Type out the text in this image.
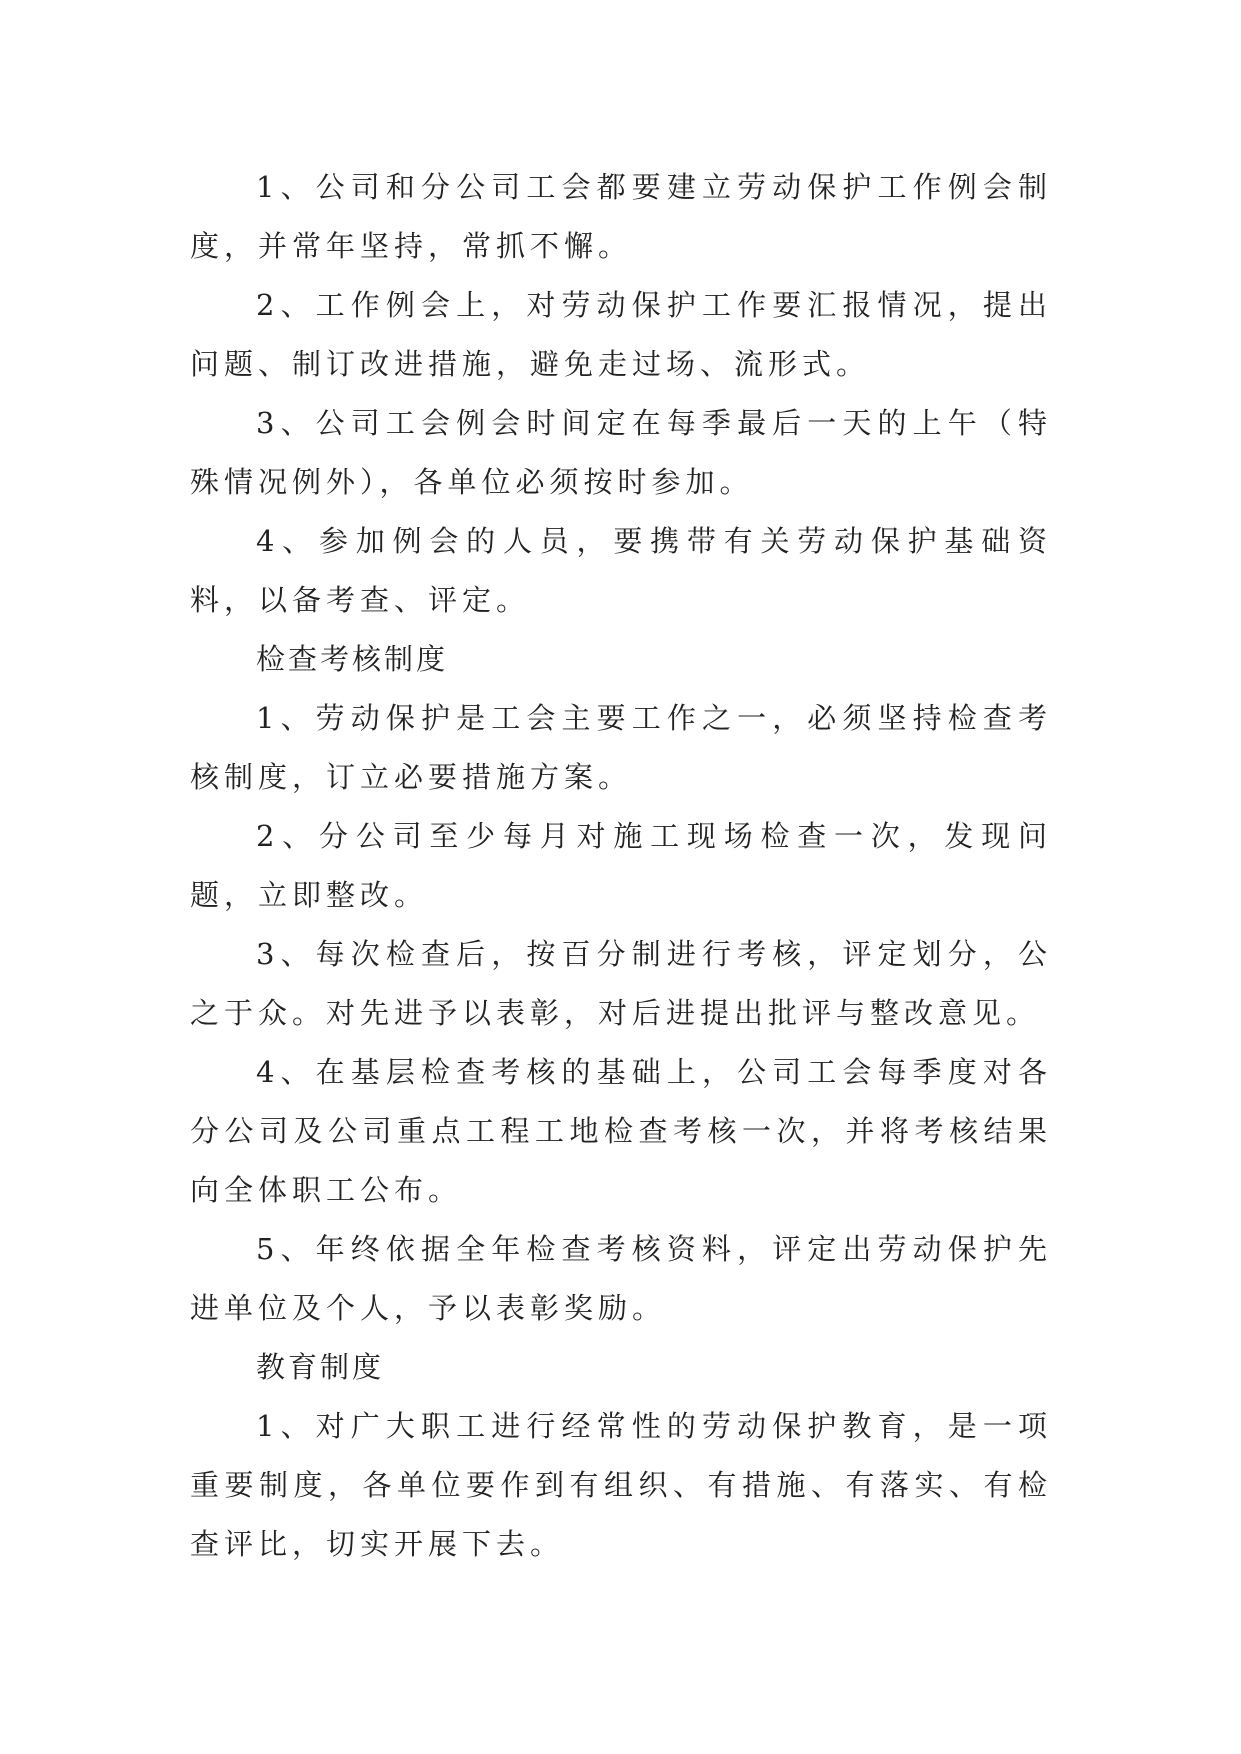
1、公司和分公司工会都要建立劳动保护工作例会制度，并常年坚持，常抓不懈。

2、工作例会上，对劳动保护工作要汇报情况，提出问题、制订改进措施，避免走过场、流形式。

3、公司工会例会时间定在每季最后一天的上午（特殊情况例外），各单位必须按时参加。

4、参加例会的人员，要携带有关劳动保护基础资料，以备考查、评定。

检查考核制度

1、劳动保护是工会主要工作之一，必须坚持检查考核制度，订立必要措施方案。

2、分公司至少每月对施工现场检查一次，发现问题，立即整改。

3、每次检查后，按百分制进行考核，评定划分，公之于众。对先进予以表彰，对后进提出批评与整改意见。

4、在基层检查考核的基础上，公司工会每季度对各分公司及公司重点工程工地检查考核一次，并将考核结果向全体职工公布。

5、年终依据全年检查考核资料，评定出劳动保护先进单位及个人，予以表彰奖励。

教育制度

1、对广大职工进行经常性的劳动保护教育，是一项重要制度，各单位要作到有组织、有措施、有落实、有检查评比，切实开展下去。
